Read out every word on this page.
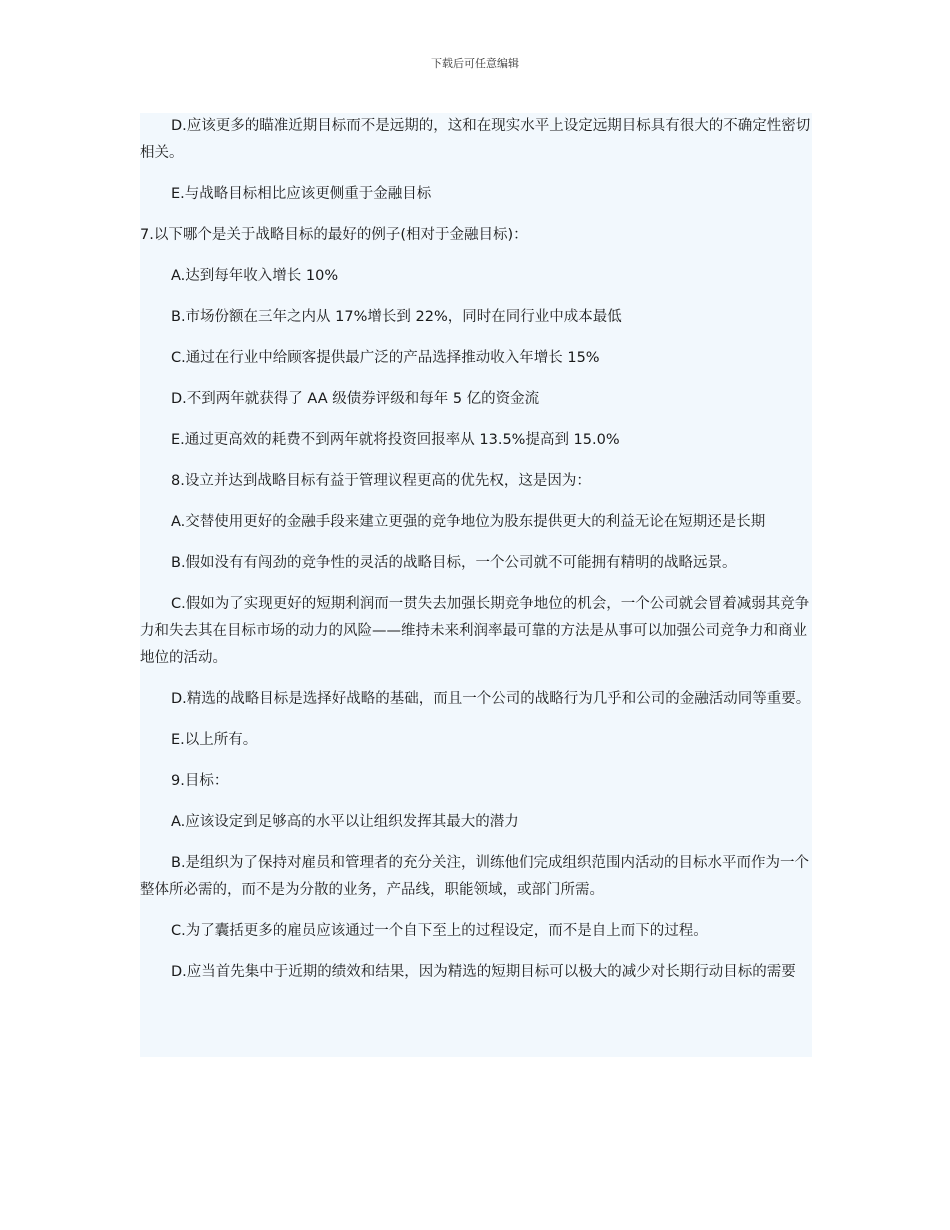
下载后可任意编辑

D.应该更多的瞄准近期目标而不是远期的，这和在现实水平上设定远期目标具有很大的不确定性密切相关。

E.与战略目标相比应该更侧重于金融目标

7.以下哪个是关于战略目标的最好的例子(相对于金融目标)：

A.达到每年收入增长 10%

B.市场份额在三年之内从 17%增长到 22%，同时在同行业中成本最低

C.通过在行业中给顾客提供最广泛的产品选择推动收入年增长 15%

D.不到两年就获得了 AA 级债券评级和每年 5 亿的资金流

E.通过更高效的耗费不到两年就将投资回报率从 13.5%提高到 15.0%

8.设立并达到战略目标有益于管理议程更高的优先权，这是因为：

A.交替使用更好的金融手段来建立更强的竞争地位为股东提供更大的利益无论在短期还是长期

B.假如没有有闯劲的竞争性的灵活的战略目标，一个公司就不可能拥有精明的战略远景。

C.假如为了实现更好的短期利润而一贯失去加强长期竞争地位的机会，一个公司就会冒着减弱其竞争力和失去其在目标市场的动力的风险——维持未来利润率最可靠的方法是从事可以加强公司竞争力和商业地位的活动。

D.精选的战略目标是选择好战略的基础，而且一个公司的战略行为几乎和公司的金融活动同等重要。

E.以上所有。

9.目标：

A.应该设定到足够高的水平以让组织发挥其最大的潜力

B.是组织为了保持对雇员和管理者的充分关注，训练他们完成组织范围内活动的目标水平而作为一个整体所必需的，而不是为分散的业务，产品线，职能领域，或部门所需。

C.为了囊括更多的雇员应该通过一个自下至上的过程设定，而不是自上而下的过程。

D.应当首先集中于近期的绩效和结果，因为精选的短期目标可以极大的减少对长期行动目标的需要
